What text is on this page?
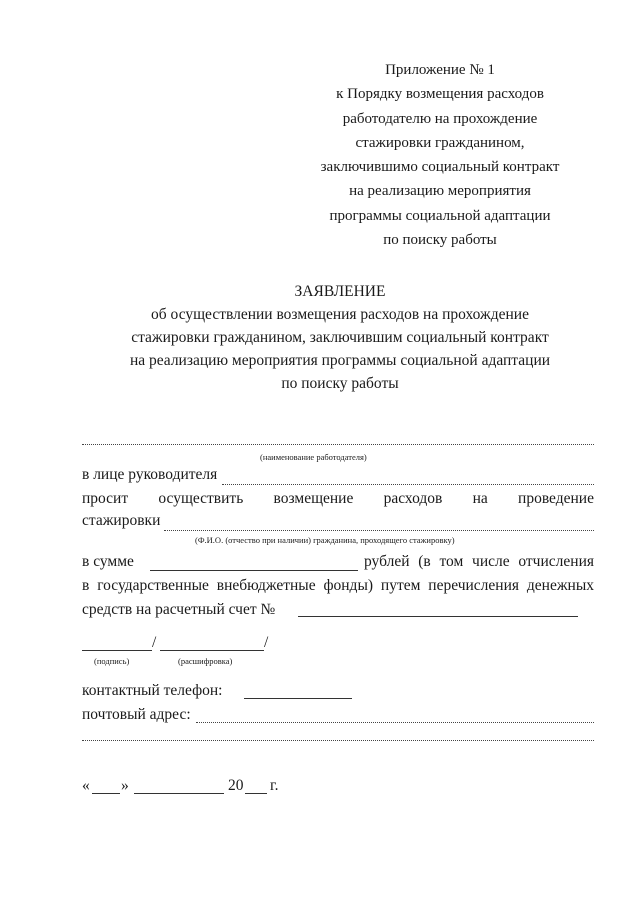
Приложение № 1
к Порядку возмещения расходов
работодателю на прохождение
стажировки гражданином,
заключившимо социальный контракт
на реализацию мероприятия
программы социальной адаптации
по поиску работы
ЗАЯВЛЕНИЕ
об осуществлении возмещения расходов на прохождение
стажировки гражданином, заключившим социальный контракт
на реализацию мероприятия программы социальной адаптации
по поиску работы
(наименование работодателя)
в лице руководителя
просит осуществить возмещение расходов на проведение
стажировки
(Ф.И.О. (отчество при наличии) гражданина, проходящего стажировку)
в сумме	рублей (в том числе отчисления
в государственные внебюджетные фонды) путем перечисления денежных
средств на расчетный счет №
/	/
(подпись)	(расшифровка)
контактный телефон:
почтовый адрес:
« »	20 г.
